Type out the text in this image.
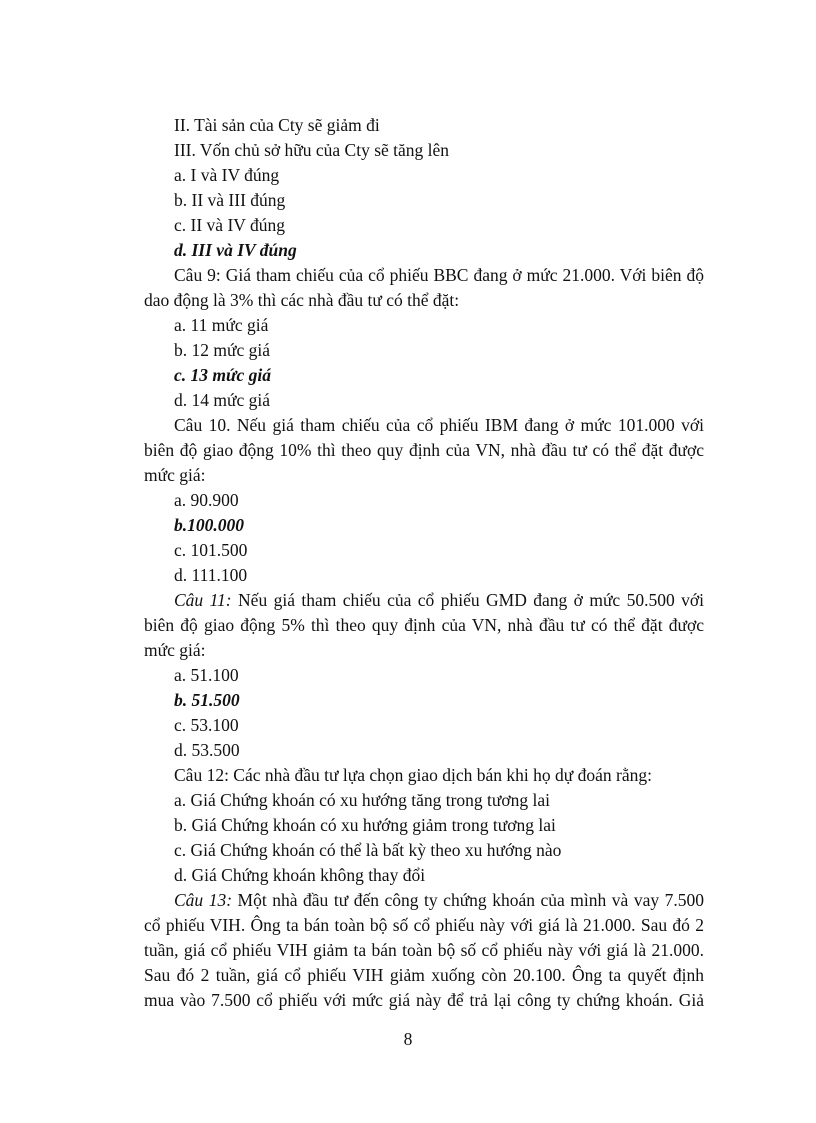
II. Tài sản của Cty sẽ giảm đi
III. Vốn chủ sở hữu của Cty sẽ tăng lên
a. I và IV đúng
b. II và III đúng
c. II và IV đúng
d. III và IV đúng
Câu 9: Giá tham chiếu của cổ phiếu BBC đang ở mức 21.000. Với biên độ
dao động là 3% thì các nhà đầu tư có thể đặt:
a. 11 mức giá
b. 12 mức giá
c. 13 mức giá
d. 14 mức giá
Câu 10. Nếu giá tham chiếu của cổ phiếu IBM đang ở mức 101.000 với
biên độ giao động 10% thì theo quy định của VN, nhà đầu tư có thể đặt được
mức giá:
a. 90.900
b.100.000
c. 101.500
d. 111.100
Câu 11: Nếu giá tham chiếu của cổ phiếu GMD đang ở mức 50.500 với
biên độ giao động 5% thì theo quy định của VN, nhà đầu tư có thể đặt được
mức giá:
a. 51.100
b. 51.500
c. 53.100
d. 53.500
Câu 12: Các nhà đầu tư lựa chọn giao dịch bán khi họ dự đoán rằng:
a. Giá Chứng khoán có xu hướng tăng trong tương lai
b. Giá Chứng khoán có xu hướng giảm trong tương lai
c. Giá Chứng khoán có thể là bất kỳ theo xu hướng nào
d. Giá Chứng khoán không thay đổi
Câu 13: Một nhà đầu tư đến công ty chứng khoán của mình và vay 7.500
cổ phiếu VIH. Ông ta bán toàn bộ số cổ phiếu này với giá là 21.000. Sau đó 2
tuần, giá cổ phiếu VIH giảm ta bán toàn bộ số cổ phiếu này với giá là 21.000.
Sau đó 2 tuần, giá cổ phiếu VIH giảm xuống còn 20.100. Ông ta quyết định
mua vào 7.500 cổ phiếu với mức giá này để trả lại công ty chứng khoán. Giả
8
